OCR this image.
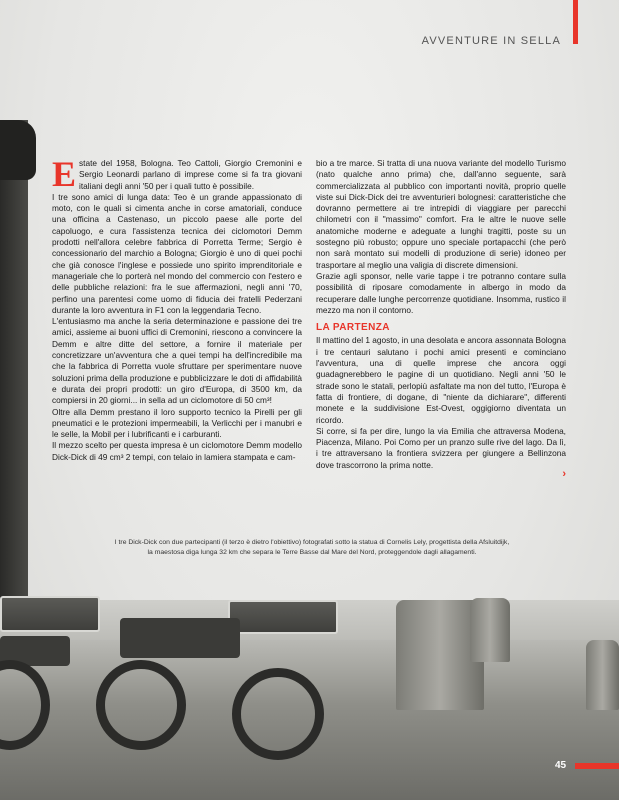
AVVENTURE IN SELLA

Estate del 1958, Bologna. Teo Cattoli, Giorgio Cremonini e Sergio Leonardi parlano di imprese come si fa tra giovani italiani degli anni '50 per i quali tutto è possibile.

I tre sono amici di lunga data: Teo è un grande appassionato di moto, con le quali si cimenta anche in corse amatoriali, conduce una officina a Castenaso, un piccolo paese alle porte del capoluogo, e cura l'assistenza tecnica dei ciclomotori Demm prodotti nell'allora celebre fabbrica di Porretta Terme; Sergio è concessionario del marchio a Bologna; Giorgio è uno di quei pochi che già conosce l'inglese e possiede uno spirito imprenditoriale e manageriale che lo porterà nel mondo del commercio con l'estero e delle pubbliche relazioni: fra le sue affermazioni, negli anni '70, perfino una parentesi come uomo di fiducia dei fratelli Pederzani durante la loro avventura in F1 con la leggendaria Tecno.

L'entusiasmo ma anche la seria determinazione e passione dei tre amici, assieme ai buoni uffici di Cremonini, riescono a convincere la Demm e altre ditte del settore, a fornire il materiale per concretizzare un'avventura che a quei tempi ha dell'incredibile ma che la fabbrica di Porretta vuole sfruttare per sperimentare nuove soluzioni prima della produzione e pubblicizzare le doti di affidabilità e durata dei propri prodotti: un giro d'Europa, di 3500 km, da compiersi in 20 giorni... in sella ad un ciclomotore di 50 cm³!

Oltre alla Demm prestano il loro supporto tecnico la Pirelli per gli pneumatici e le protezioni impermeabili, la Verlicchi per i manubri e le selle, la Mobil per i lubrificanti e i carburanti.

Il mezzo scelto per questa impresa è un ciclomotore Demm modello Dick-Dick di 49 cm³ 2 tempi, con telaio in lamiera stampata e cam-

bio a tre marce. Si tratta di una nuova variante del modello Turismo (nato qualche anno prima) che, dall'anno seguente, sarà commercializzata al pubblico con importanti novità, proprio quelle viste sui Dick-Dick dei tre avventurieri bolognesi: caratteristiche che dovranno permettere ai tre intrepidi di viaggiare per parecchi chilometri con il "massimo" comfort. Fra le altre le nuove selle anatomiche moderne e adeguate a lunghi tragitti, poste su un sostegno più robusto; oppure uno speciale portapacchi (che però non sarà montato sui modelli di produzione di serie) idoneo per trasportare al meglio una valigia di discrete dimensioni.

Grazie agli sponsor, nelle varie tappe i tre potranno contare sulla possibilità di riposare comodamente in albergo in modo da recuperare dalle lunghe percorrenze quotidiane. Insomma, rustico il mezzo ma non il contorno.

LA PARTENZA

Il mattino del 1 agosto, in una desolata e ancora assonnata Bologna i tre centauri salutano i pochi amici presenti e cominciano l'avventura, una di quelle imprese che ancora oggi guadagnerebbero le pagine di un quotidiano. Negli anni '50 le strade sono le statali, perlopiù asfaltate ma non del tutto, l'Europa è fatta di frontiere, di dogane, di "niente da dichiarare", differenti monete e la suddivisione Est-Ovest, oggigiorno diventata un ricordo.

Si corre, si fa per dire, lungo la via Emilia che attraversa Modena, Piacenza, Milano. Poi Como per un pranzo sulle rive del lago. Da lì, i tre attraversano la frontiera svizzera per giungere a Bellinzona dove trascorrono la prima notte.

›
I tre Dick-Dick con due partecipanti (il terzo è dietro l'obiettivo) fotografati sotto la statua di Cornelis Lely, progettista della Afsluitdijk,
la maestosa diga lunga 32 km che separa le Terre Basse dal Mare del Nord, proteggendole dagli allagamenti.
45
